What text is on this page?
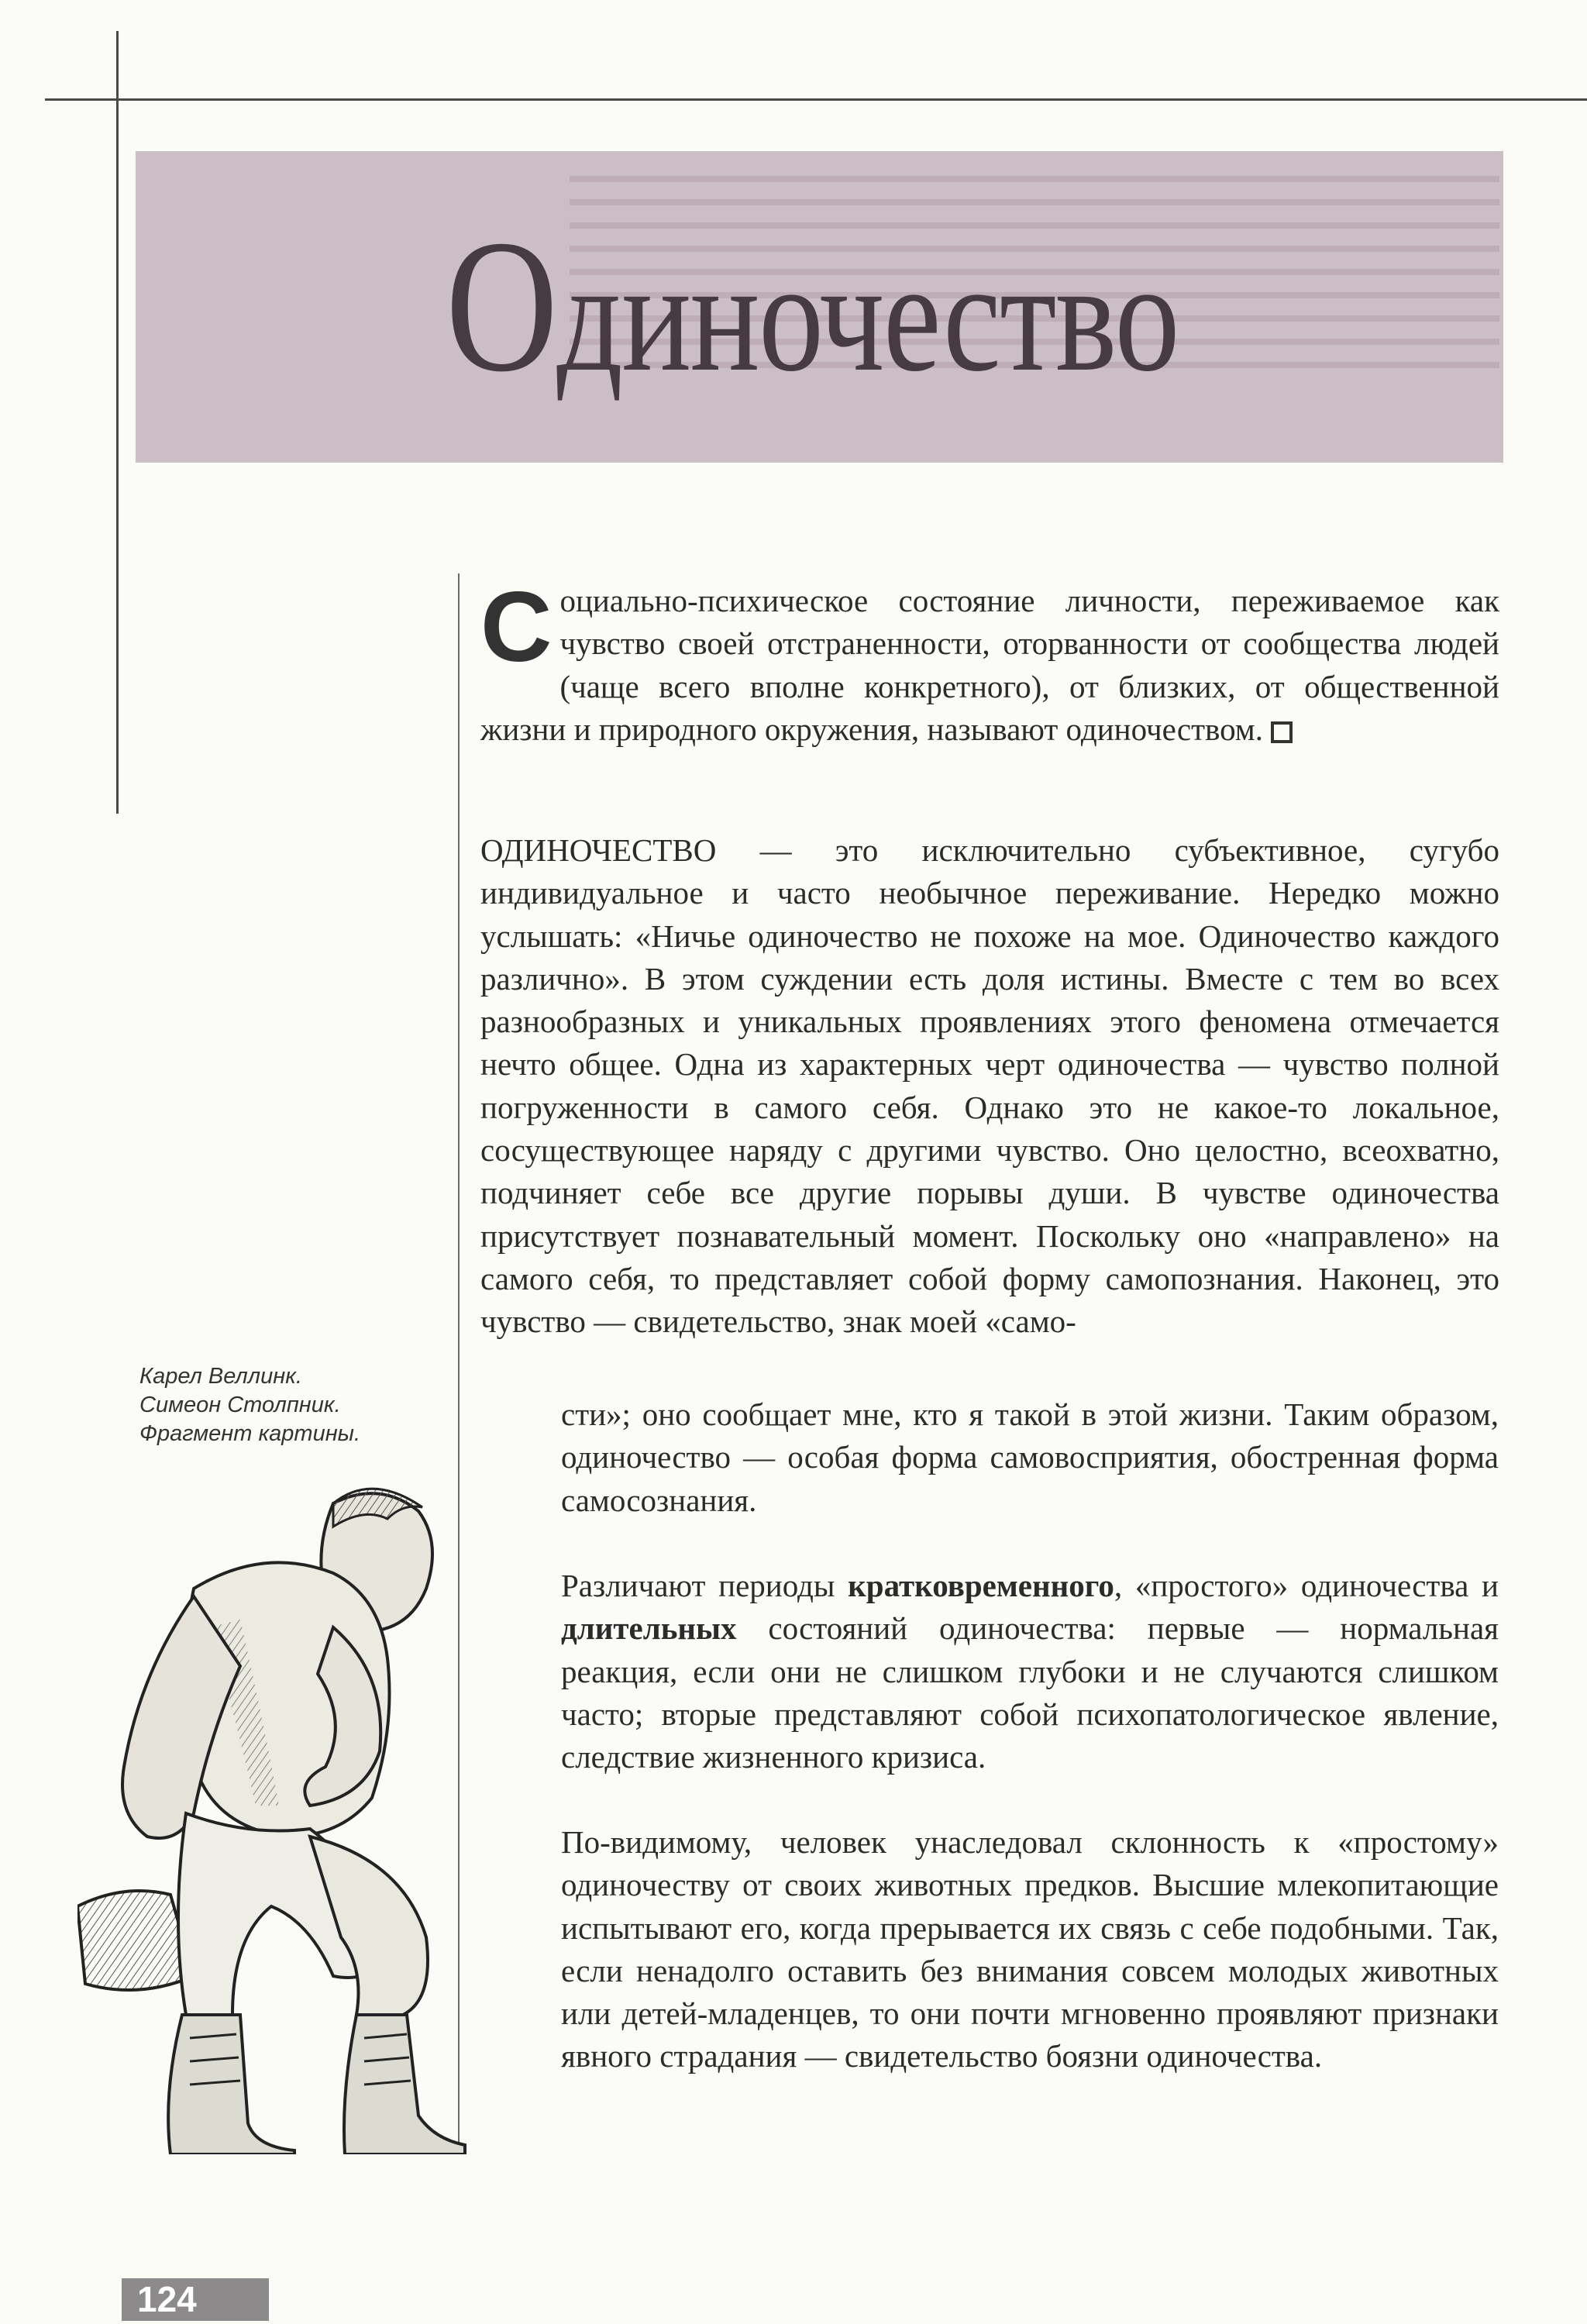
Одиночество

Социально-психическое состояние личности, переживаемое как чувство своей отстраненности, оторванности от сообщества людей (чаще всего вполне конкретного), от близких, от общественной жизни и природного окружения, называют одиночеством.

ОДИНОЧЕСТВО — это исключительно субъективное, сугубо индивидуальное и часто необычное переживание. Нередко можно услышать: «Ничье одиночество не похоже на мое. Одиночество каждого различно». В этом суждении есть доля истины. Вместе с тем во всех разнообразных и уникальных проявлениях этого феномена отмечается нечто общее. Одна из характерных черт одиночества — чувство полной погруженности в самого себя. Однако это не какое-то локальное, сосуществующее наряду с другими чувство. Оно целостно, всеохватно, подчиняет себе все другие порывы души. В чувстве одиночества присутствует познавательный момент. Поскольку оно «направлено» на самого себя, то представляет собой форму самопознания. Наконец, это чувство — свидетельство, знак моей «само-

сти»; оно сообщает мне, кто я такой в этой жизни. Таким образом, одиночество — особая форма самовосприятия, обостренная форма самосознания.

Различают периоды кратковременного, «простого» одиночества и длительных состояний одиночества: первые — нормальная реакция, если они не слишком глубоки и не случаются слишком часто; вторые представляют собой психопатологическое явление, следствие жизненного кризиса.

По-видимому, человек унаследовал склонность к «простому» одиночеству от своих животных предков. Высшие млекопитающие испытывают его, когда прерывается их связь с себе подобными. Так, если ненадолго оставить без внимания совсем молодых животных или детей-младенцев, то они почти мгновенно проявляют признаки явного страдания — свидетельство боязни одиночества.

Карел Веллинк.
Симеон Столпник.
Фрагмент картины.

124
